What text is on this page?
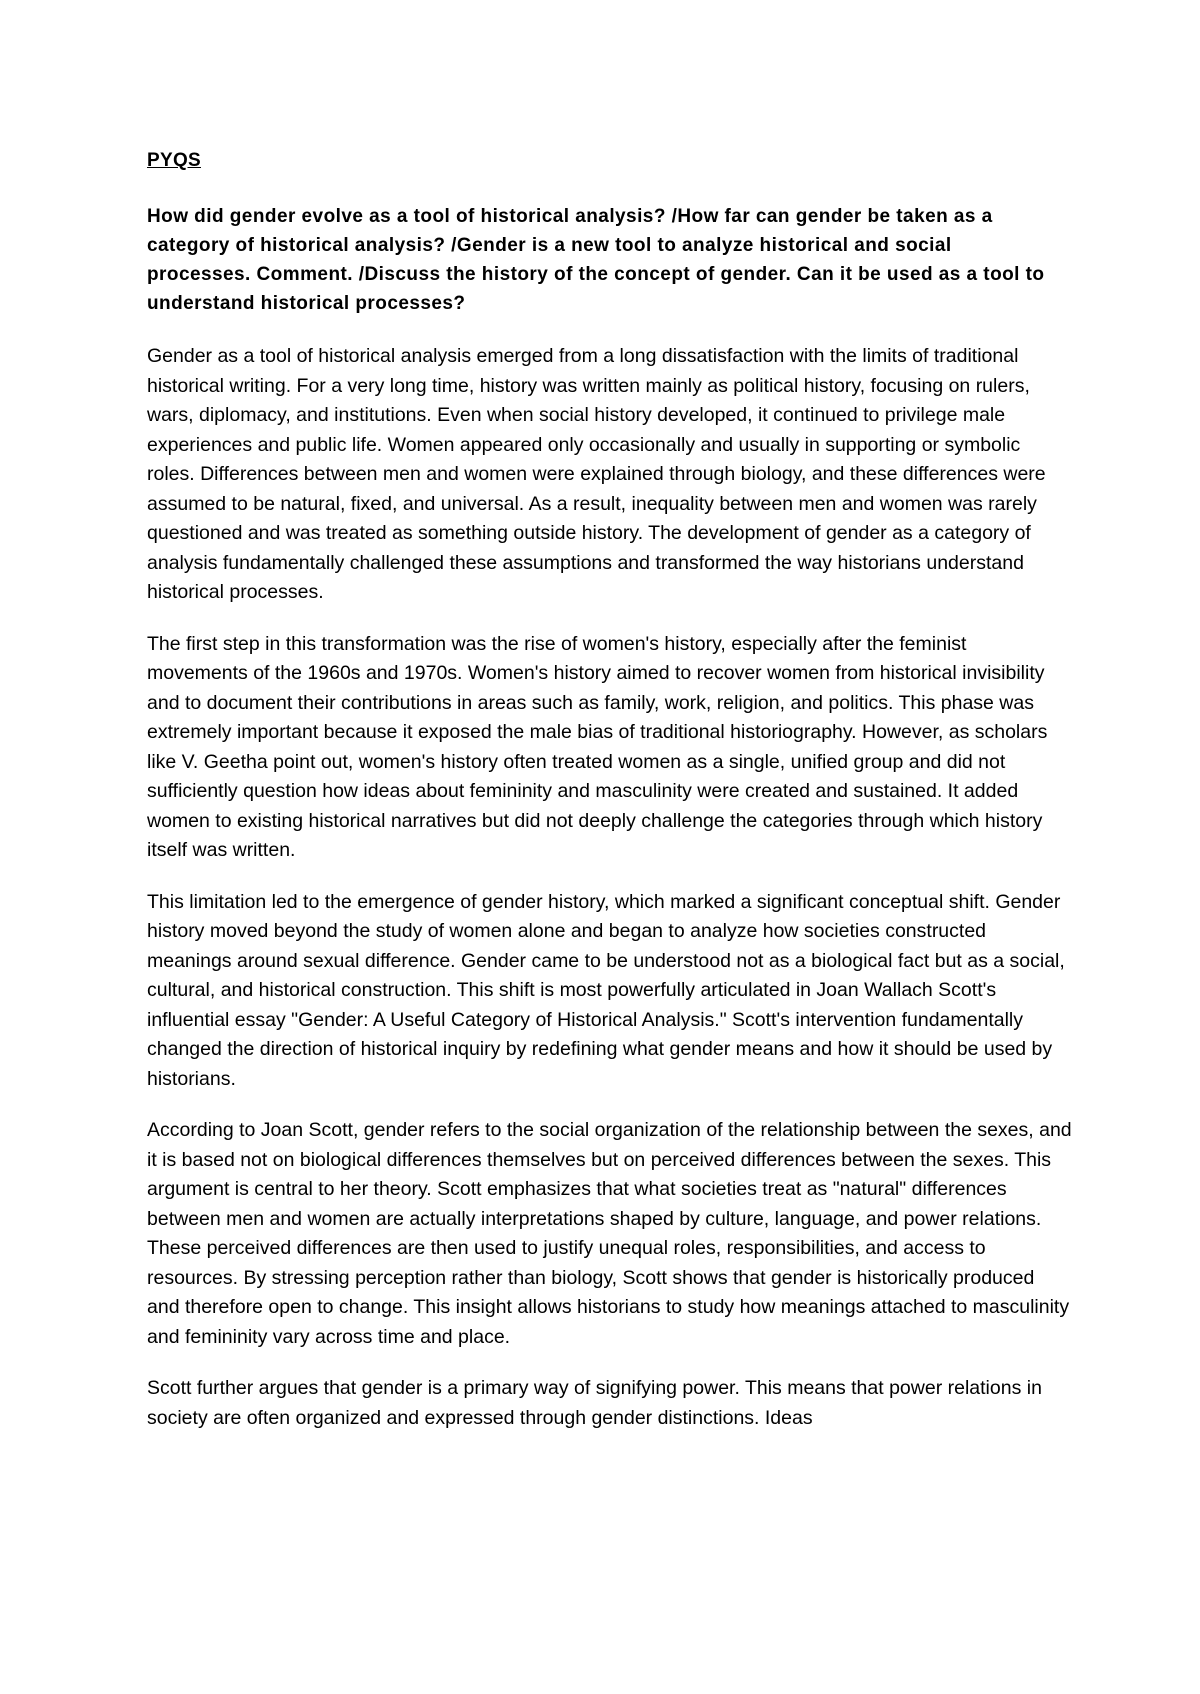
PYQS
How did gender evolve as a tool of historical analysis? /How far can gender be taken as a category of historical analysis? /Gender is a new tool to analyze historical and social processes. Comment. /Discuss the history of the concept of gender. Can it be used as a tool to understand historical processes?

Gender as a tool of historical analysis emerged from a long dissatisfaction with the limits of traditional historical writing. For a very long time, history was written mainly as political history, focusing on rulers, wars, diplomacy, and institutions. Even when social history developed, it continued to privilege male experiences and public life. Women appeared only occasionally and usually in supporting or symbolic roles. Differences between men and women were explained through biology, and these differences were assumed to be natural, fixed, and universal. As a result, inequality between men and women was rarely questioned and was treated as something outside history. The development of gender as a category of analysis fundamentally challenged these assumptions and transformed the way historians understand historical processes.

The first step in this transformation was the rise of women's history, especially after the feminist movements of the 1960s and 1970s. Women's history aimed to recover women from historical invisibility and to document their contributions in areas such as family, work, religion, and politics. This phase was extremely important because it exposed the male bias of traditional historiography. However, as scholars like V. Geetha point out, women's history often treated women as a single, unified group and did not sufficiently question how ideas about femininity and masculinity were created and sustained. It added women to existing historical narratives but did not deeply challenge the categories through which history itself was written.

This limitation led to the emergence of gender history, which marked a significant conceptual shift. Gender history moved beyond the study of women alone and began to analyze how societies constructed meanings around sexual difference. Gender came to be understood not as a biological fact but as a social, cultural, and historical construction. This shift is most powerfully articulated in Joan Wallach Scott's influential essay "Gender: A Useful Category of Historical Analysis." Scott's intervention fundamentally changed the direction of historical inquiry by redefining what gender means and how it should be used by historians.

According to Joan Scott, gender refers to the social organization of the relationship between the sexes, and it is based not on biological differences themselves but on perceived differences between the sexes. This argument is central to her theory. Scott emphasizes that what societies treat as "natural" differences between men and women are actually interpretations shaped by culture, language, and power relations. These perceived differences are then used to justify unequal roles, responsibilities, and access to resources. By stressing perception rather than biology, Scott shows that gender is historically produced and therefore open to change. This insight allows historians to study how meanings attached to masculinity and femininity vary across time and place.

Scott further argues that gender is a primary way of signifying power. This means that power relations in society are often organized and expressed through gender distinctions. Ideas
